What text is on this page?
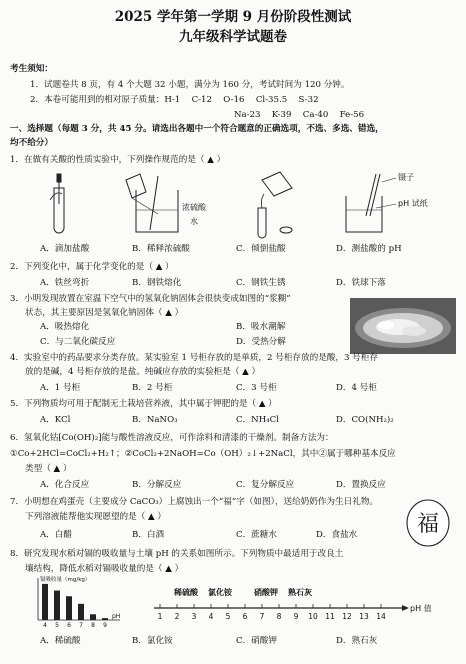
2025 学年第一学期 9 月份阶段性测试
九年级科学试题卷
考生须知：
1．试题卷共 8 页，有 4 个大题 32 小题，满分为 160 分，考试时间为 120 分钟。
2．本卷可能用到的相对原子质量：H-1　 C-12　 O-16　 Cl-35.5　 S-32
Na-23　 K-39　 Ca-40　 Fe-56
一、选择题（每题 3 分，共 45 分。请选出各题中一个符合题意的正确选项，不选、多选、错选，
均不给分）
1．在做有关酸的性质实验中，下列操作规范的是（ ▲ ）
浓硫酸
水
镊子
pH 试纸
A．滴加盐酸	B．稀释浓硫酸	C．倾倒盐酸	D．测盐酸的 pH
2．下列变化中，属于化学变化的是（ ▲ ）
A．铁丝弯折	B．钢铁熔化	C．钢铁生锈	D．铁球下落
3．小明发现放置在室温下空气中的氢氧化钠固体会很快变成如图的“浆糊”
状态，其主要原因是氢氧化钠固体（ ▲ ）
A．吸热熔化	B．吸水潮解
C．与二氧化碳反应	D．受热分解
4．实验室中的药品要求分类存放。某实验室 1 号柜存放的是单质，2 号柜存放的是酸，3 号柜存
放的是碱，4 号柜存放的是盐。纯碱应存放的实验柜是（ ▲ ）
A．1 号柜	B．2 号柜	C．3 号柜	D．4 号柜
5．下列物质均可用于配制无土栽培营养液，其中属于钾肥的是（ ▲ ）
A．KCl	B．NaNO₃	C．NH₄Cl	D．CO(NH₂)₂
6．氢氧化钴[Co(OH)₂]能与酸性溶液反应，可作涂料和清漆的干燥剂。制备方法为：
①Co+2HCl=CoCl₂+H₂↑；②CoCl₂+2NaOH=Co（OH）₂↓+2NaCl，其中②属于哪种基本反应
类型（ ▲ ）
A．化合反应	B．分解反应	C．复分解反应	D．置换反应
7．小明想在鸡蛋壳（主要成分 CaCO₃）上腐蚀出一个“福”字（如图），送给奶奶作为生日礼物。
下列溶液能帮他实现愿望的是（ ▲ ）
A．白醋	B．白酒	C．蔗糖水	D．食盐水	福
8．研究发现水稻对镉的吸收量与土壤 pH 的关系如图所示。下列物质中最适用于改良土
壤结构，降低水稻对镉吸收量的是（ ▲ ）
镉吸收量（mg/kg）
pH
4 5 6 7 8 9
稀硫酸 氯化铵	硝酸钾 熟石灰
1 2 3 4 5 6 7 8 9 10 11 12 13 14
pH 值
A．稀硫酸	B．氯化铵	C．硝酸钾	D．熟石灰
